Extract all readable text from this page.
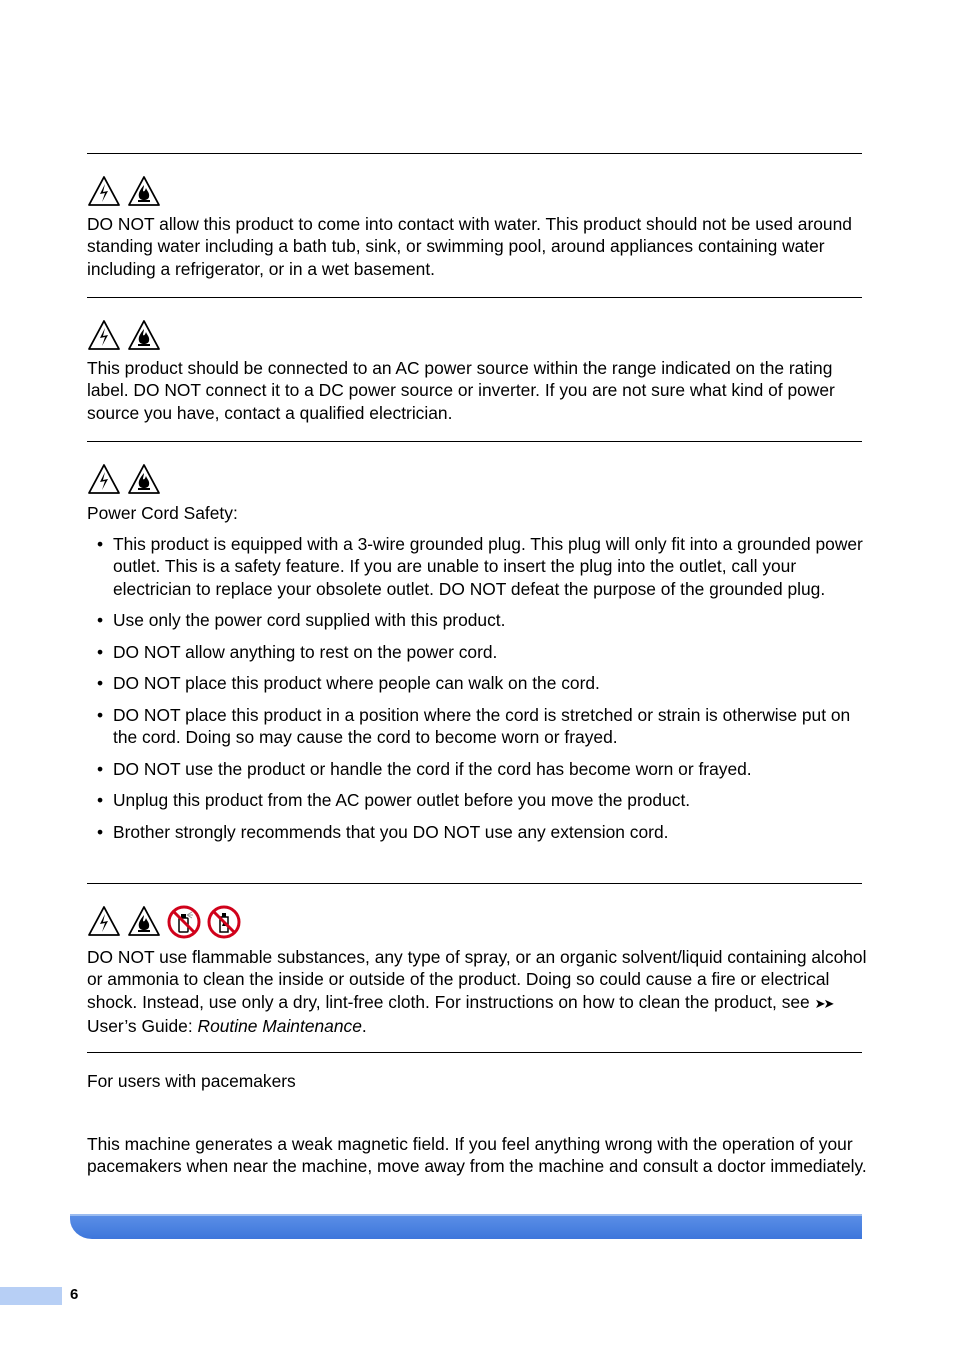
DO NOT allow this product to come into contact with water. This product should not be used around standing water including a bath tub, sink, or swimming pool, around appliances containing water including a refrigerator, or in a wet basement.

This product should be connected to an AC power source within the range indicated on the rating label. DO NOT connect it to a DC power source or inverter. If you are not sure what kind of power source you have, contact a qualified electrician.

Power Cord Safety:

• This product is equipped with a 3-wire grounded plug. This plug will only fit into a grounded power outlet. This is a safety feature. If you are unable to insert the plug into the outlet, call your electrician to replace your obsolete outlet. DO NOT defeat the purpose of the grounded plug.
• Use only the power cord supplied with this product.
• DO NOT allow anything to rest on the power cord.
• DO NOT place this product where people can walk on the cord.
• DO NOT place this product in a position where the cord is stretched or strain is otherwise put on the cord. Doing so may cause the cord to become worn or frayed.
• DO NOT use the product or handle the cord if the cord has become worn or frayed.
• Unplug this product from the AC power outlet before you move the product.
• Brother strongly recommends that you DO NOT use any extension cord.

DO NOT use flammable substances, any type of spray, or an organic solvent/liquid containing alcohol or ammonia to clean the inside or outside of the product. Doing so could cause a fire or electrical shock. Instead, use only a dry, lint-free cloth. For instructions on how to clean the product, see ➤➤ User’s Guide: Routine Maintenance.

For users with pacemakers

This machine generates a weak magnetic field. If you feel anything wrong with the operation of your pacemakers when near the machine, move away from the machine and consult a doctor immediately.

6
